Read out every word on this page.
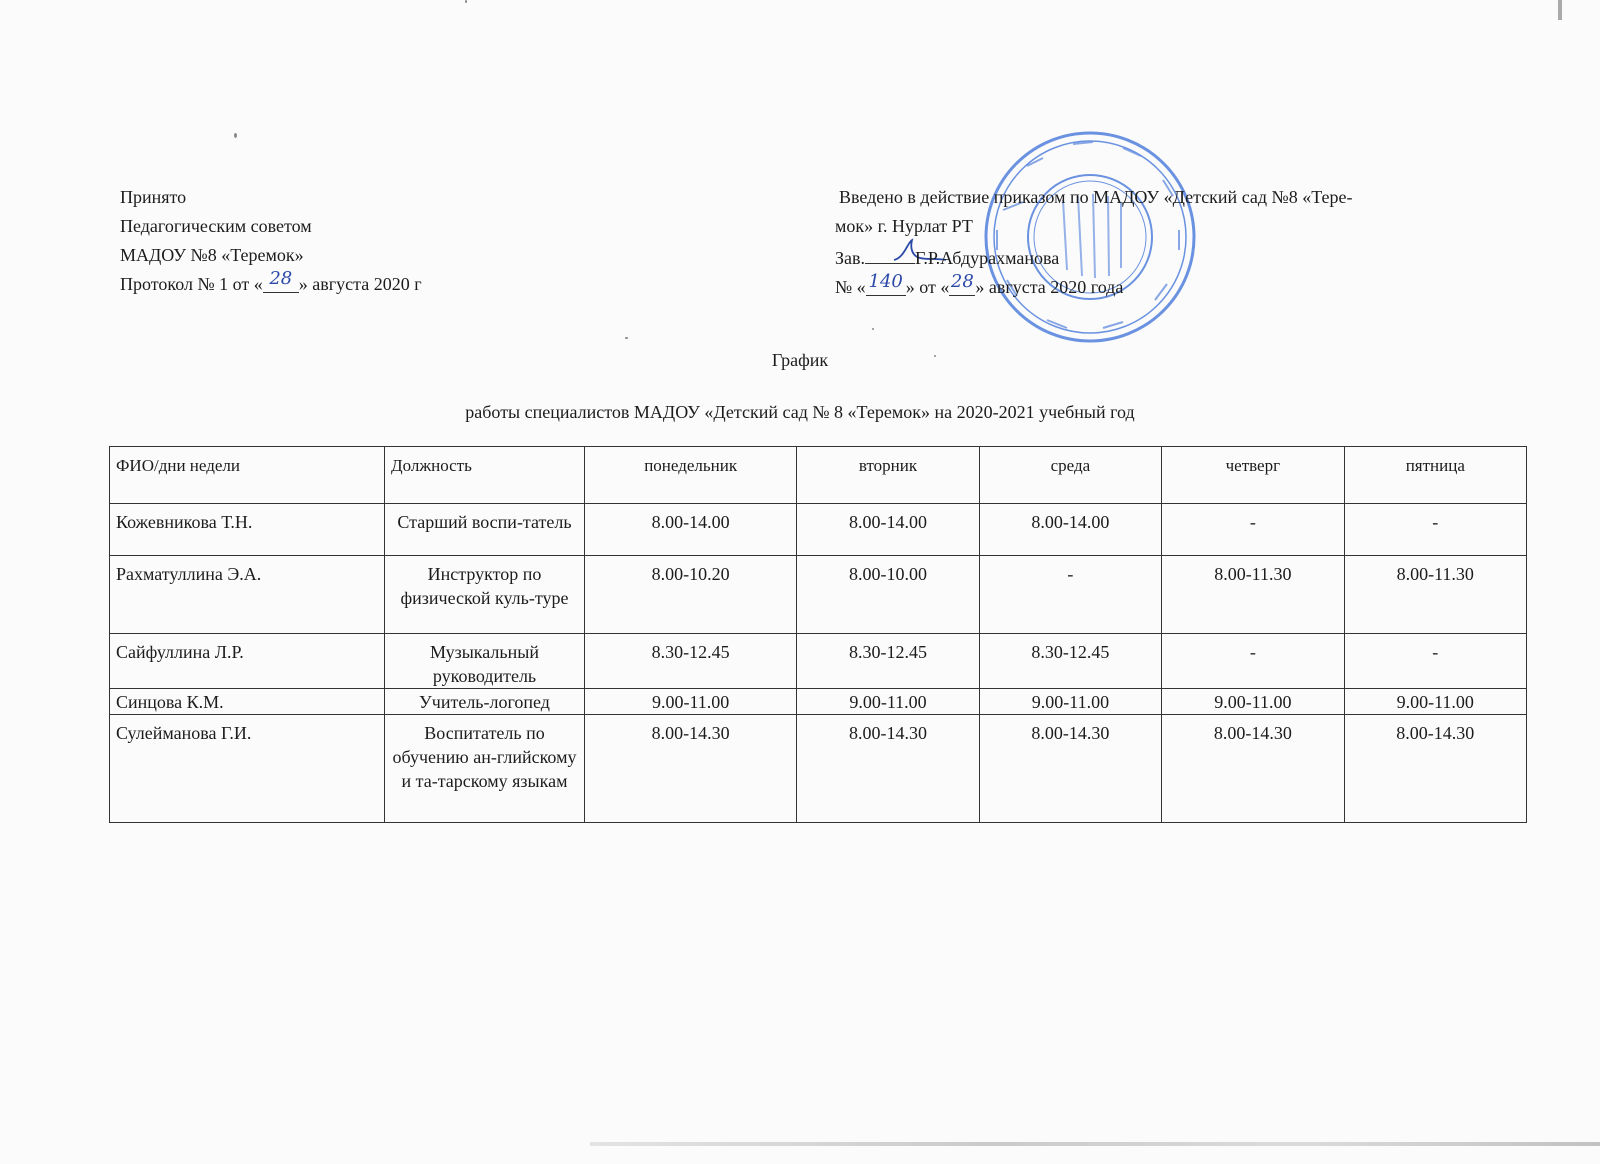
Принято
Педагогическим советом
МАДОУ №8 «Теремок»
Протокол № 1 от « 28 » августа 2020 г
Введено в действие приказом по МАДОУ «Детский сад №8 «Тере-
мок» г. Нурлат РТ
Зав.	Г.Р.Абдурахманова
№ « 140 » от «28» августа 2020 года
График
работы специалистов МАДОУ «Детский сад № 8 «Теремок» на 2020-2021 учебный год
ФИО/дни недели	Должность	понедельник	вторник	среда	четверг	пятница
Кожевникова Т.Н.	Старший воспи-татель	8.00-14.00	8.00-14.00	8.00-14.00	-	-
Рахматуллина Э.А.	Инструктор по физической куль-туре	8.00-10.20	8.00-10.00	-	8.00-11.30	8.00-11.30
Сайфуллина Л.Р.	Музыкальный руководитель	8.30-12.45	8.30-12.45	8.30-12.45	-	-
Синцова К.М.	Учитель-логопед	9.00-11.00	9.00-11.00	9.00-11.00	9.00-11.00	9.00-11.00
Сулейманова Г.И.	Воспитатель по обучению ан-глийскому и та-тарскому языкам	8.00-14.30	8.00-14.30	8.00-14.30	8.00-14.30	8.00-14.30
